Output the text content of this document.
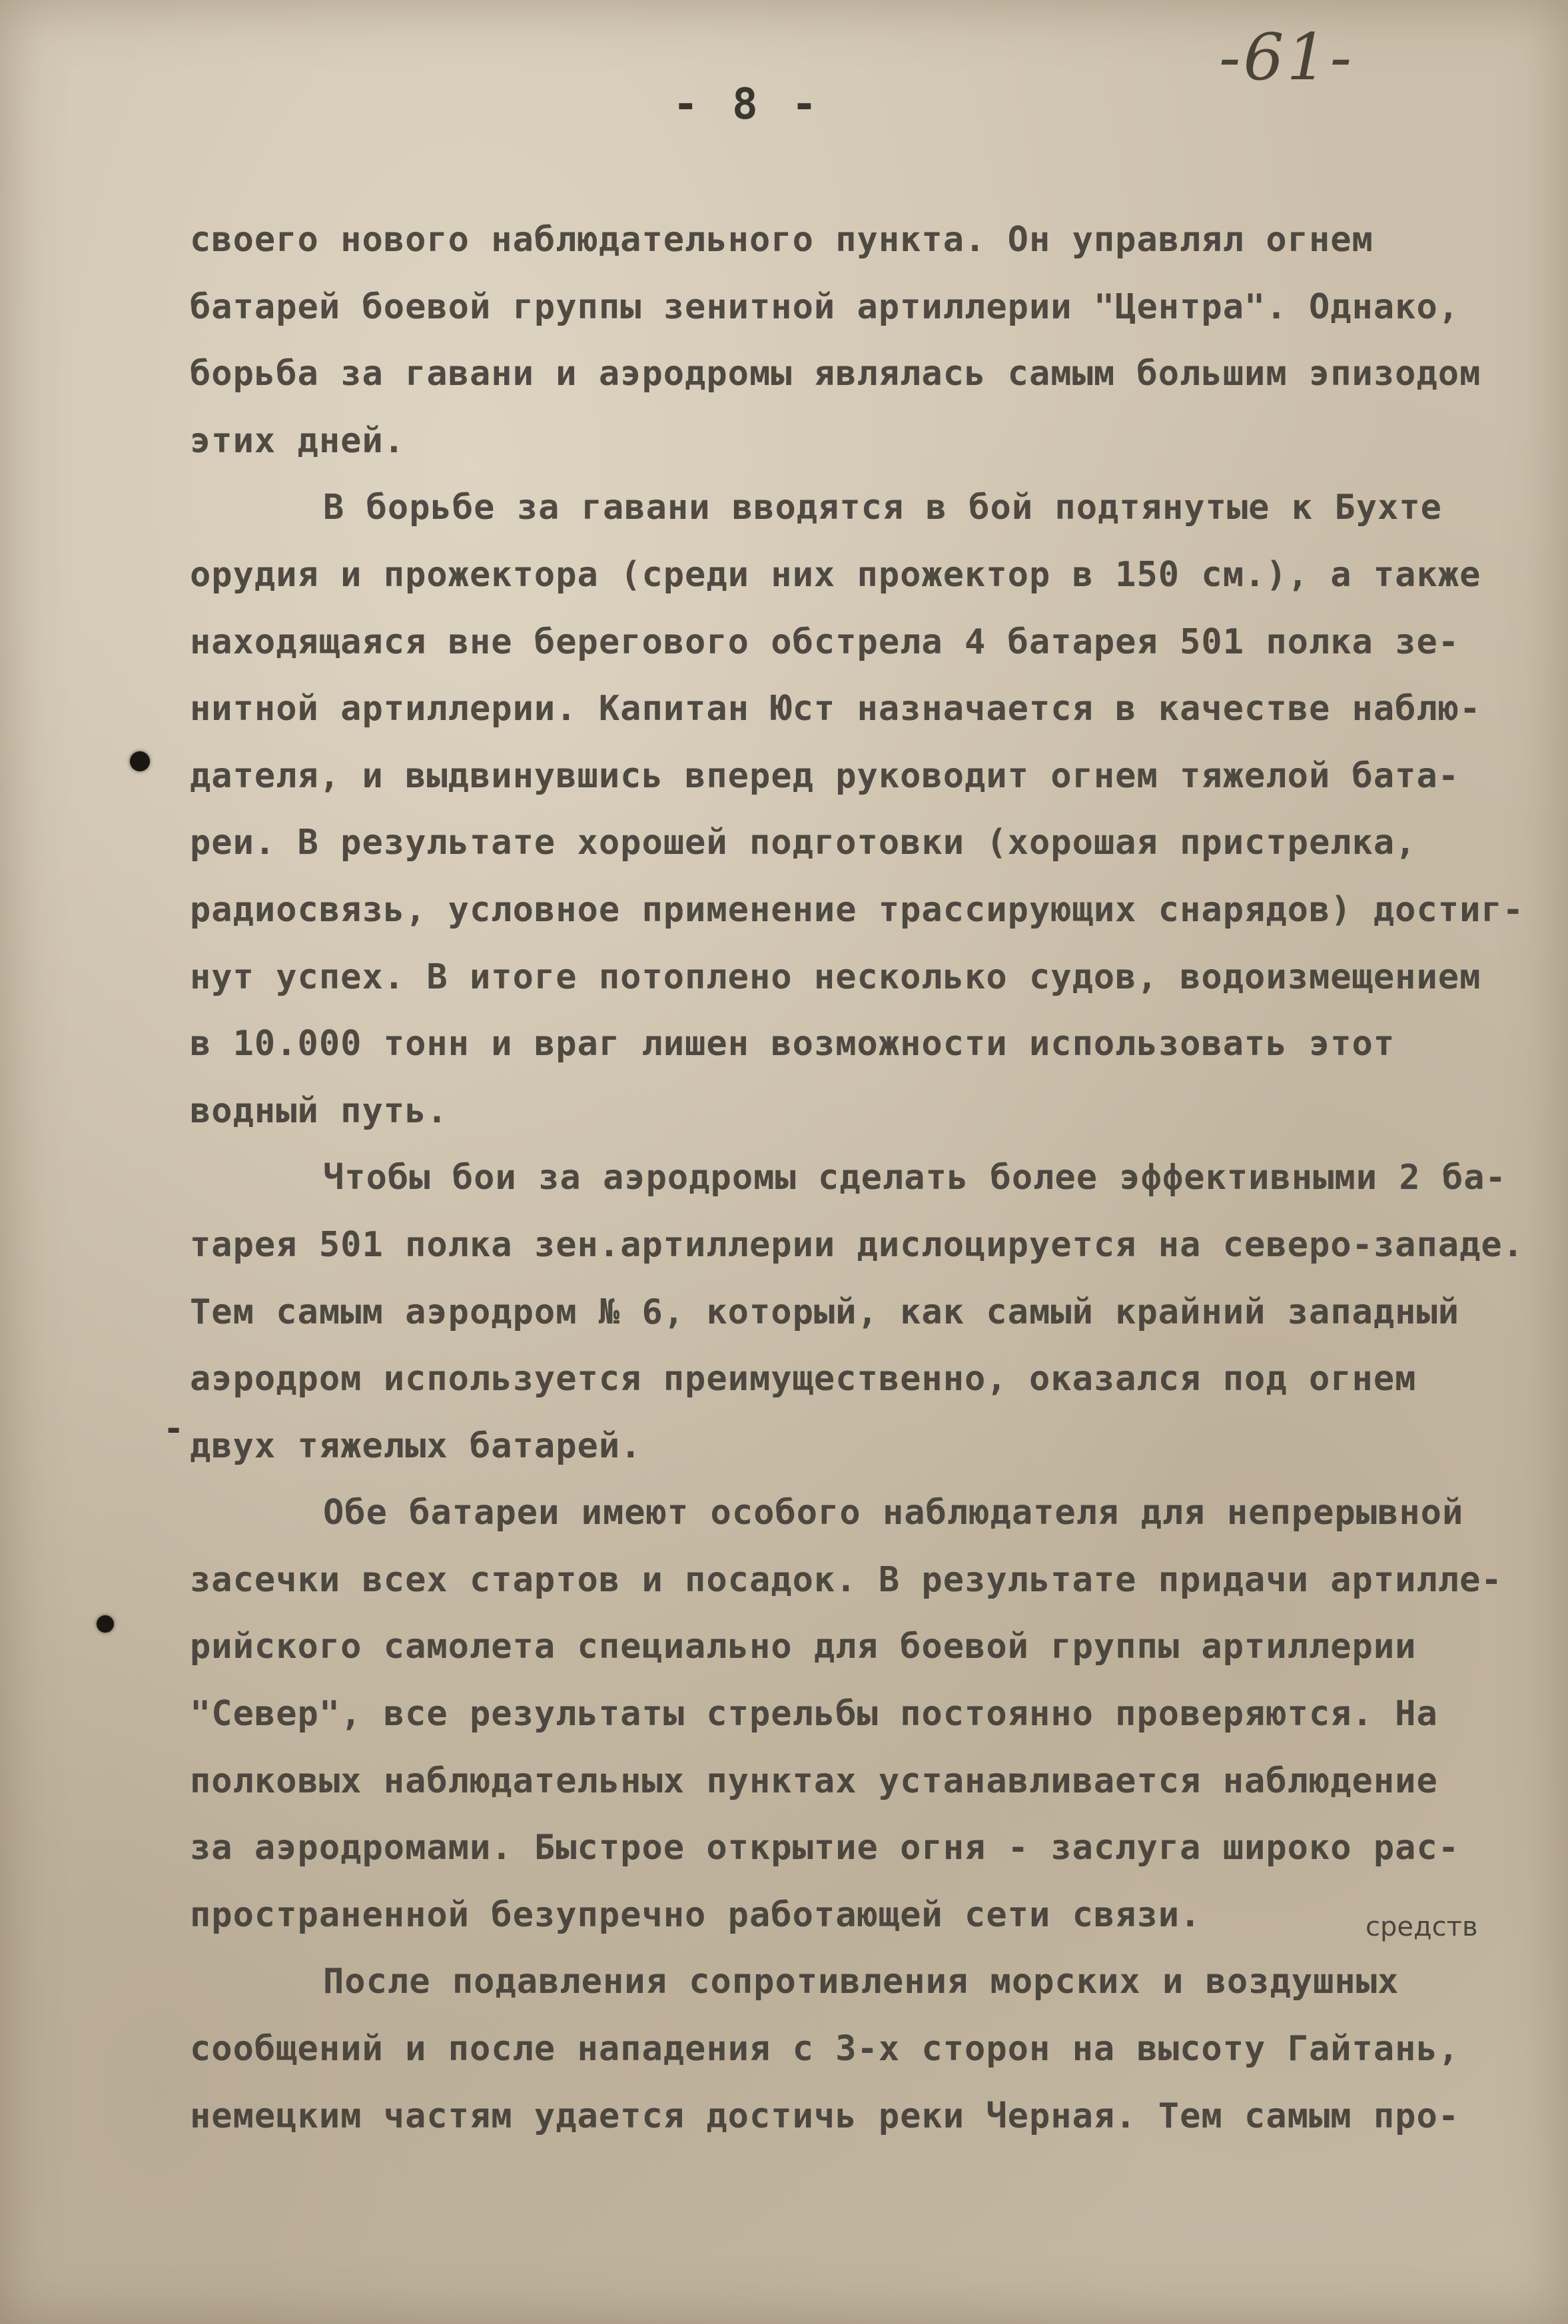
-61-
- 8 -
-
своего нового наблюдательного пункта. Он управлял огнем
батарей боевой группы зенитной артиллерии "Центра". Однако,
борьба за гавани и аэродромы являлась самым большим эпизодом
этих дней.
В борьбе за гавани вводятся в бой подтянутые к Бухте
орудия и прожектора (среди них прожектор в 150 см.), а также
находящаяся вне берегового обстрела 4 батарея 501 полка зе-
нитной артиллерии. Капитан Юст назначается в качестве наблю-
дателя, и выдвинувшись вперед руководит огнем тяжелой бата-
реи. В результате хорошей подготовки (хорошая пристрелка,
радиосвязь, условное применение трассирующих снарядов) достиг-
нут успех. В итоге потоплено несколько судов, водоизмещением
в 10.000 тонн и враг лишен возможности использовать этот
водный путь.
Чтобы бои за аэродромы сделать более эффективными 2 ба-
тарея 501 полка зен.артиллерии дислоцируется на северо-западе.
Тем самым аэродром № 6, который, как самый крайний западный
аэродром используется преимущественно, оказался под огнем
двух тяжелых батарей.
Обе батареи имеют особого наблюдателя для непрерывной
засечки всех стартов и посадок. В результате придачи артилле-
рийского самолета специально для боевой группы артиллерии
"Север", все результаты стрельбы постоянно проверяются. На
полковых наблюдательных пунктах устанавливается наблюдение
за аэродромами. Быстрое открытие огня - заслуга широко рас-
пространенной безупречно работающей сети связи.
После подавления сопротивления морских и воздушных
сообщений и после нападения с 3-х сторон на высоту Гайтань,
немецким частям удается достичь реки Черная. Тем самым про-
средств
